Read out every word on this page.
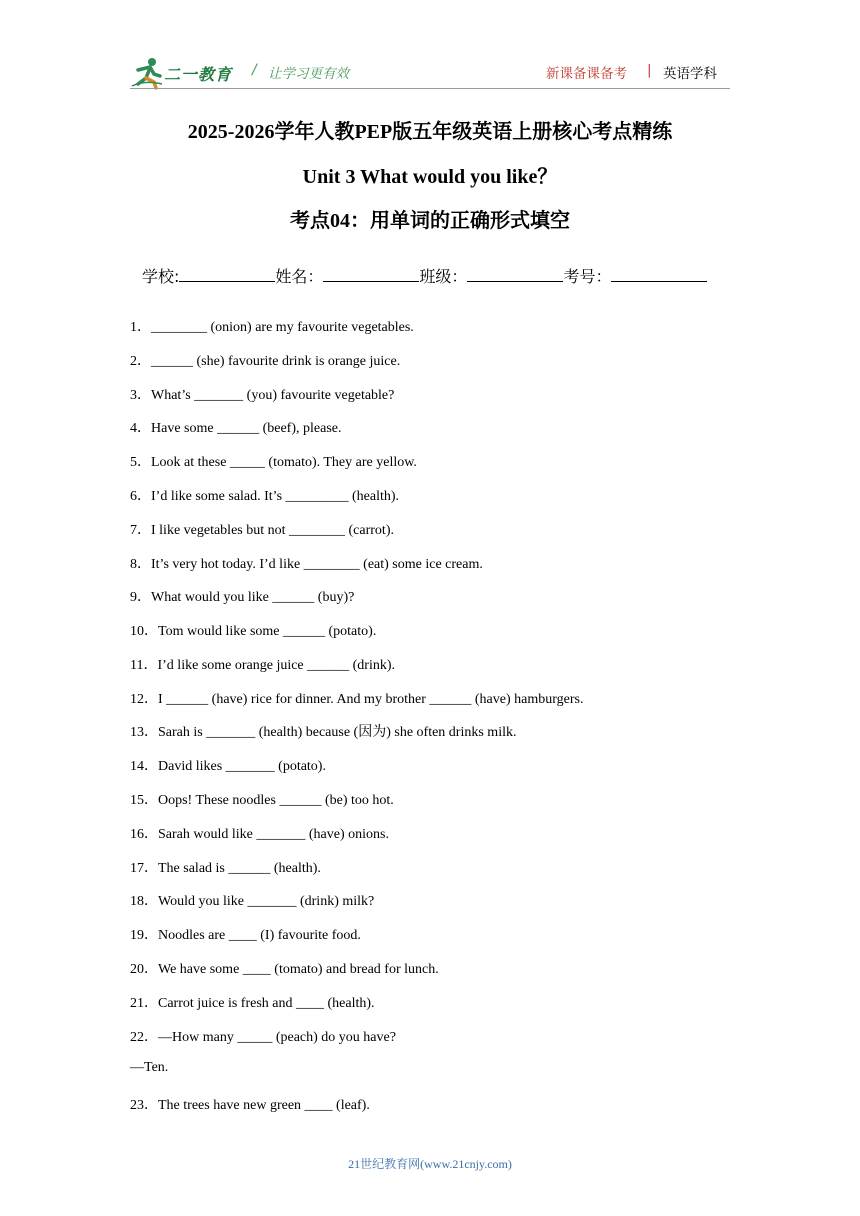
二一教育 / 让学习更有效	新课备课备考 | 英语学科
2025-2026学年人教PEP版五年级英语上册核心考点精练
Unit 3 What would you like？
考点04：用单词的正确形式填空
学校:	姓名：	班级：	考号：
1．________ (onion) are my favourite vegetables.
2．______ (she) favourite drink is orange juice.
3．What’s _______ (you) favourite vegetable?
4．Have some ______ (beef), please.
5．Look at these _____ (tomato). They are yellow.
6．I’d like some salad. It’s _________ (health).
7．I like vegetables but not ________ (carrot).
8．It’s very hot today. I’d like ________ (eat) some ice cream.
9．What would you like ______ (buy)?
10．Tom would like some ______ (potato).
11．I’d like some orange juice ______ (drink).
12．I ______ (have) rice for dinner. And my brother ______ (have) hamburgers.
13．Sarah is _______ (health) because (因为) she often drinks milk.
14．David likes _______ (potato).
15．Oops! These noodles ______ (be) too hot.
16．Sarah would like _______ (have) onions.
17．The salad is ______ (health).
18．Would you like _______ (drink) milk?
19．Noodles are ____ (I) favourite food.
20．We have some ____ (tomato) and bread for lunch.
21．Carrot juice is fresh and ____ (health).
22．—How many _____ (peach) do you have?
—Ten.
23．The trees have new green ____ (leaf).
21世纪教育网(www.21cnjy.com)
